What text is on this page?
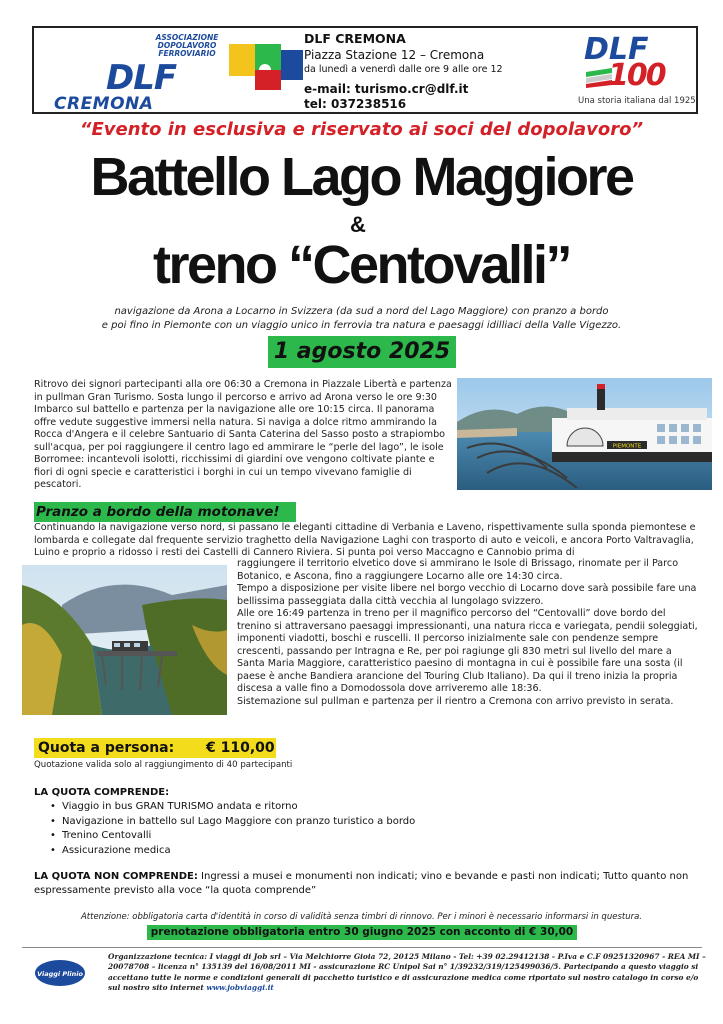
ASSOCIAZIONE DOPOLAVORO FERROVIARIO
DLF
CREMONA
DLF CREMONA
Piazza Stazione 12 – Cremona
da lunedì a venerdì dalle ore 9 alle ore 12
e-mail: turismo.cr@dlf.it
tel: 037238516
DLF
100
Una storia italiana dal 1925
“Evento in esclusiva e riservato ai soci del dopolavoro”
Battello Lago Maggiore
&
treno “Centovalli”
navigazione da Arona a Locarno in Svizzera (da sud a nord del Lago Maggiore) con pranzo a bordo
e poi fino in Piemonte con un viaggio unico in ferrovia tra natura e paesaggi idilliaci della Valle Vigezzo.
1 agosto 2025
Ritrovo dei signori partecipanti alla ore 06:30 a Cremona in Piazzale Libertà e partenza in pullman Gran Turismo. Sosta lungo il percorso e arrivo ad Arona verso le ore 9:30 Imbarco sul battello e partenza per la navigazione alle ore 10:15 circa. Il panorama offre vedute suggestive immersi nella natura. Si naviga a dolce ritmo ammirando la Rocca d'Angera e il celebre Santuario di Santa Caterina del Sasso posto a strapiombo sull'acqua, per poi raggiungere il centro lago ed ammirare le “perle del lago”, le isole Borromee: incantevoli isolotti, ricchissimi di giardini ove vengono coltivate piante e fiori di ogni specie e caratteristici i borghi in cui un tempo vivevano famiglie di pescatori.
PIEMONTE
Pranzo a bordo della motonave!
Continuando la navigazione verso nord, si passano le eleganti cittadine di Verbania e Laveno, rispettivamente sulla sponda piemontese e lombarda e collegate dal frequente servizio traghetto della Navigazione Laghi con trasporto di auto e veicoli, e ancora Porto Valtravaglia, Luino e proprio a ridosso i resti dei Castelli di Cannero Riviera. Si punta poi verso Maccagno e Cannobio prima di
raggiungere il territorio elvetico dove si ammirano le Isole di Brissago, rinomate per il Parco Botanico, e Ascona, fino a raggiungere Locarno alle ore 14:30 circa.
Tempo a disposizione per visite libere nel borgo vecchio di Locarno dove sarà possibile fare una bellissima passeggiata dalla città vecchia al lungolago svizzero.
Alle ore 16:49 partenza in treno per il magnifico percorso del “Centovalli” dove bordo del trenino si attraversano paesaggi impressionanti, una natura ricca e variegata, pendii soleggiati, imponenti viadotti, boschi e ruscelli. Il percorso inizialmente sale con pendenze sempre crescenti, passando per Intragna e Re, per poi ragiunge gli 830 metri sul livello del mare a Santa Maria Maggiore, caratteristico paesino di montagna in cui è possibile fare una sosta (il paese è anche Bandiera arancione del Touring Club Italiano). Da qui il treno inizia la propria discesa a valle fino a Domodossola dove arriveremo alle 18:36.
Sistemazione sul pullman e partenza per il rientro a Cremona con arrivo previsto in serata.
Quota a persona: € 110,00
Quotazione valida solo al raggiungimento di 40 partecipanti
LA QUOTA COMPRENDE:
• Viaggio in bus GRAN TURISMO andata e ritorno
• Navigazione in battello sul Lago Maggiore con pranzo turistico a bordo
• Trenino Centovalli
• Assicurazione medica
LA QUOTA NON COMPRENDE: Ingressi a musei e monumenti non indicati; vino e bevande e pasti non indicati; Tutto quanto non espressamente previsto alla voce “la quota comprende”
Attenzione: obbligatoria carta d'identità in corso di validità senza timbri di rinnovo. Per i minori è necessario informarsi in questura.
prenotazione obbligatoria entro 30 giugno 2025 con acconto di € 30,00
Viaggi Plinio
Organizzazione tecnica: I viaggi di Job srl – Via Melchiorre Gioia 72, 20125 Milano - Tel: +39 02.29412138 - P.Iva e C.F 09251320967 - REA MI – 20078708 – licenza n° 135139 del 16/08/2011 MI - assicurazione RC Unipol Sai n° 1/39232/319/125499036/5. Partecipando a questo viaggio si accettano tutte le norme e condizioni generali di pacchetto turistico e di assicurazione medica come riportato sul nostro catalogo in corso e/o sul nostro sito internet www.jobviaggi.it
